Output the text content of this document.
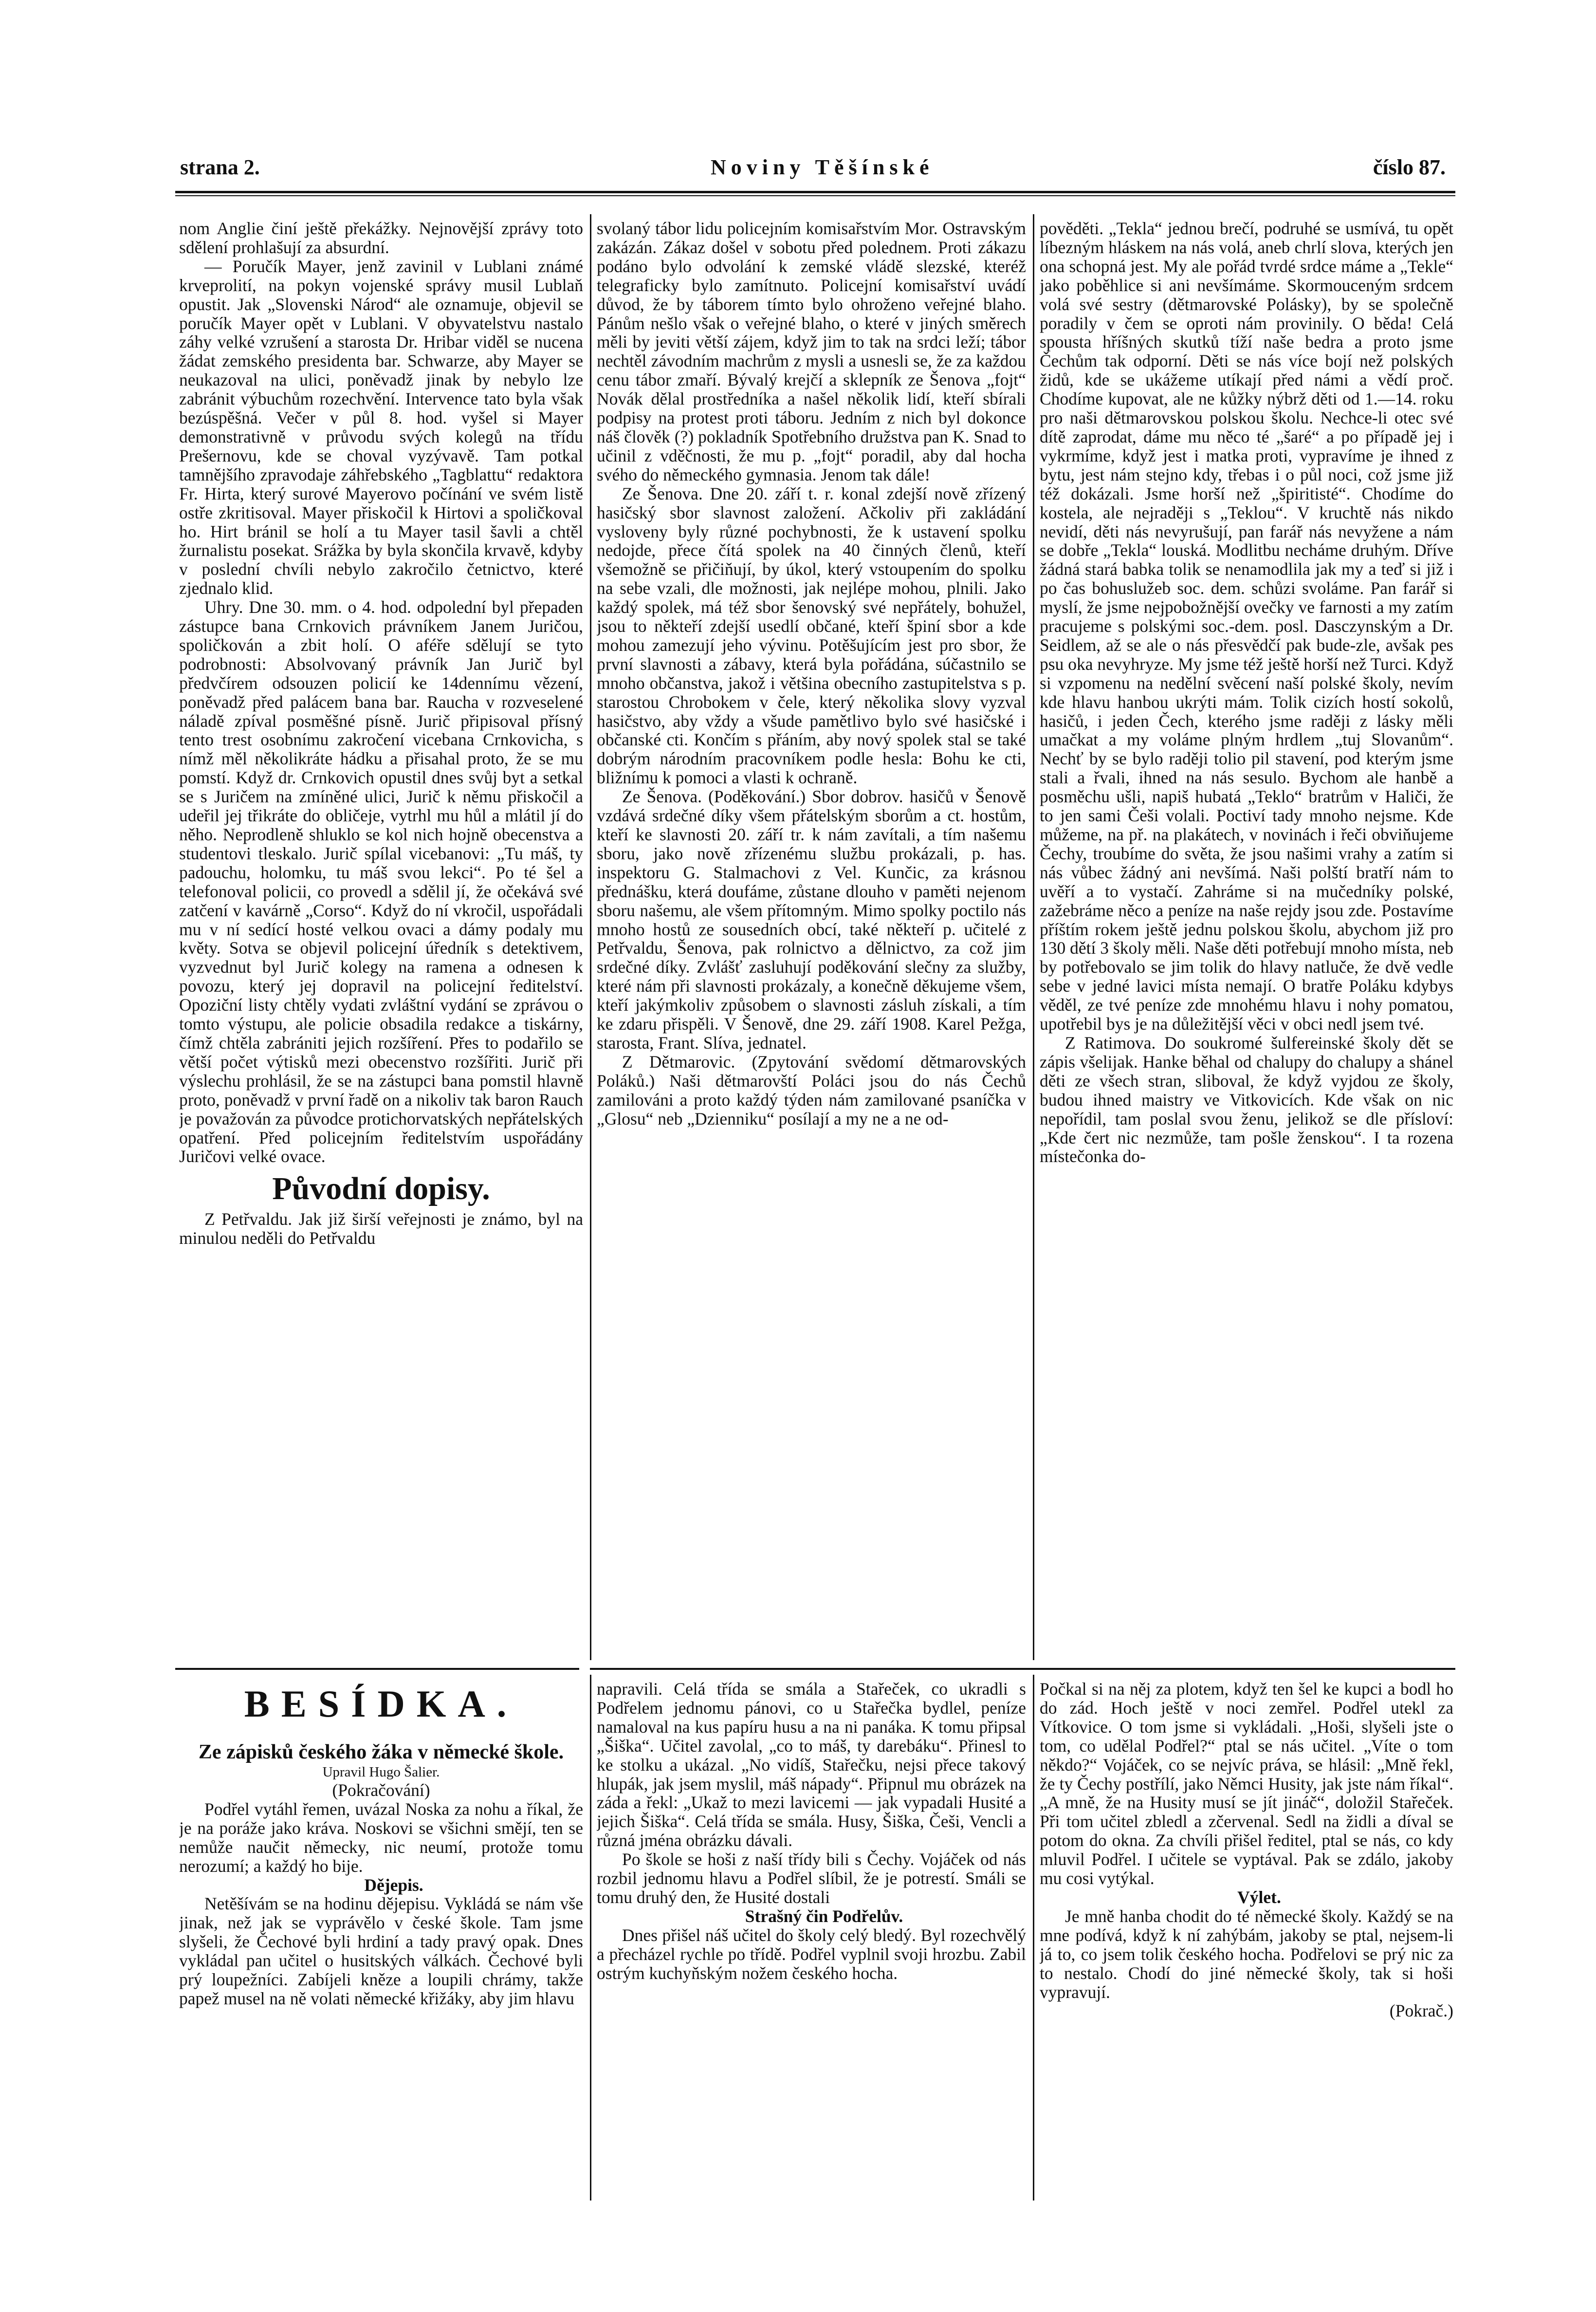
strana 2.	Noviny Těšínské	číslo 87.

nom Anglie činí ještě překážky. Nejnovější zprávy toto sdělení prohlašují za absurdní.

— Poručík Mayer, jenž zavinil v Lublani známé krveprolití, na pokyn vojenské správy musil Lublaň opustit. Jak „Slovenski Národ“ ale oznamuje, objevil se poručík Mayer opět v Lublani. V obyvatelstvu nastalo záhy velké vzrušení a starosta Dr. Hribar viděl se nucena žádat zemského presidenta bar. Schwarze, aby Mayer se neukazoval na ulici, poněvadž jinak by nebylo lze zabránit výbuchům rozechvění. Intervence tato byla však bezúspěšná. Večer v půl 8. hod. vyšel si Mayer demonstrativně v průvodu svých kolegů na třídu Prešernovu, kde se choval vyzývavě. Tam potkal tamnějšího zpravodaje záhřebského „Tagblattu“ redaktora Fr. Hirta, který surové Mayerovo počínání ve svém listě ostře zkritisoval. Mayer přiskočil k Hirtovi a spoličkoval ho. Hirt bránil se holí a tu Mayer tasil šavli a chtěl žurnalistu posekat. Srážka by byla skončila krvavě, kdyby v poslední chvíli nebylo zakročilo četnictvo, které zjednalo klid.

Uhry. Dne 30. mm. o 4. hod. odpolední byl přepaden zástupce bana Crnkovich právníkem Janem Juričou, spoličkován a zbit holí. O aféře sdělují se tyto podrobnosti: Absolvovaný právník Jan Jurič byl předvčírem odsouzen policií ke 14dennímu vězení, poněvadž před palácem bana bar. Raucha v rozveselené náladě zpíval posměšné písně. Jurič připisoval přísný tento trest osobnímu zakročení vicebana Crnkovicha, s nímž měl několikráte hádku a přisahal proto, že se mu pomstí. Když dr. Crnkovich opustil dnes svůj byt a setkal se s Juričem na zmíněné ulici, Jurič k němu přiskočil a udeřil jej třikráte do obličeje, vytrhl mu hůl a mlátil jí do něho. Neprodleně shluklo se kol nich hojně obecenstva a studentovi tleskalo. Jurič spílal vicebanovi: „Tu máš, ty padouchu, holomku, tu máš svou lekci“. Po té šel a telefonoval policii, co provedl a sdělil jí, že očekává své zatčení v kavárně „Corso“. Když do ní vkročil, uspořádali mu v ní sedící hosté velkou ovaci a dámy podaly mu květy. Sotva se objevil policejní úředník s detektivem, vyzvednut byl Jurič kolegy na ramena a odnesen k povozu, který jej dopravil na policejní ředitelství. Opoziční listy chtěly vydati zvláštní vydání se zprávou o tomto výstupu, ale policie obsadila redakce a tiskárny, čímž chtěla zabrániti jejich rozšíření. Přes to podařilo se větší počet výtisků mezi obecenstvo rozšířiti. Jurič při výslechu prohlásil, že se na zástupci bana pomstil hlavně proto, poněvadž v první řadě on a nikoliv tak baron Rauch je považován za původce protichorvatských nepřátelských opatření. Před policejním ředitelstvím uspořádány Juričovi velké ovace.

Původní dopisy.

Z Petřvaldu. Jak již širší veřejnosti je známo, byl na minulou neděli do Petřvaldu

svolaný tábor lidu policejním komisařstvím Mor. Ostravským zakázán. Zákaz došel v sobotu před polednem. Proti zákazu podáno bylo odvolání k zemské vládě slezské, kteréž telegraficky bylo zamítnuto. Policejní komisařství uvádí důvod, že by táborem tímto bylo ohroženo veřejné blaho. Pánům nešlo však o veřejné blaho, o které v jiných směrech měli by jeviti větší zájem, když jim to tak na srdci leží; tábor nechtěl závodním machrům z mysli a usnesli se, že za každou cenu tábor zmaří. Bývalý krejčí a sklepník ze Šenova „fojt“ Novák dělal prostředníka a našel několik lidí, kteří sbírali podpisy na protest proti táboru. Jedním z nich byl dokonce náš člověk (?) pokladník Spotřebního družstva pan K. Snad to učinil z vděčnosti, že mu p. „fojt“ poradil, aby dal hocha svého do německého gymnasia. Jenom tak dále!

Ze Šenova. Dne 20. září t. r. konal zdejší nově zřízený hasičský sbor slavnost založení. Ačkoliv při zakládání vysloveny byly různé pochybnosti, že k ustavení spolku nedojde, přece čítá spolek na 40 činných členů, kteří všemožně se přičiňují, by úkol, který vstoupením do spolku na sebe vzali, dle možnosti, jak nejlépe mohou, plnili. Jako každý spolek, má též sbor šenovský své nepřátely, bohužel, jsou to někteří zdejší usedlí občané, kteří špiní sbor a kde mohou zamezují jeho vývinu. Potěšujícím jest pro sbor, že první slavnosti a zábavy, která byla pořádána, súčastnilo se mnoho občanstva, jakož i většina obecního zastupitelstva s p. starostou Chrobokem v čele, který několika slovy vyzval hasičstvo, aby vždy a všude pamětlivo bylo své hasičské i občanské cti. Končím s přáním, aby nový spolek stal se také dobrým národním pracovníkem podle hesla: Bohu ke cti, bližnímu k pomoci a vlasti k ochraně.

Ze Šenova. (Poděkování.) Sbor dobrov. hasičů v Šenově vzdává srdečné díky všem přátelským sborům a ct. hostům, kteří ke slavnosti 20. září tr. k nám zavítali, a tím našemu sboru, jako nově zřízenému službu prokázali, p. has. inspektoru G. Stalmachovi z Vel. Kunčic, za krásnou přednášku, která doufáme, zůstane dlouho v paměti nejenom sboru našemu, ale všem přítomným. Mimo spolky poctilo nás mnoho hostů ze sousedních obcí, také někteří p. učitelé z Petřvaldu, Šenova, pak rolnictvo a dělnictvo, za což jim srdečné díky. Zvlášť zasluhují poděkování slečny za služby, které nám při slavnosti prokázaly, a konečně děkujeme všem, kteří jakýmkoliv způsobem o slavnosti zásluh získali, a tím ke zdaru přispěli. V Šenově, dne 29. září 1908. Karel Pežga, starosta, Frant. Slíva, jednatel.

Z Dětmarovic. (Zpytování svědomí dětmarovských Poláků.) Naši dětmarovští Poláci jsou do nás Čechů zamilováni a proto každý týden nám zamilované psaníčka v „Glosu“ neb „Dzienniku“ posílají a my ne a ne od-

pověděti. „Tekla“ jednou brečí, podruhé se usmívá, tu opět líbezným hláskem na nás volá, aneb chrlí slova, kterých jen ona schopná jest. My ale pořád tvrdé srdce máme a „Tekle“ jako poběhlice si ani nevšímáme. Skormouceným srdcem volá své sestry (dětmarovské Polásky), by se společně poradily v čem se oproti nám provinily. O běda! Celá spousta hříšných skutků tíží naše bedra a proto jsme Čechům tak odporní. Děti se nás více bojí než polských židů, kde se ukážeme utíkají před námi a vědí proč. Chodíme kupovat, ale ne kůžky nýbrž děti od 1.—14. roku pro naši dětmarovskou polskou školu. Nechce-li otec své dítě zaprodat, dáme mu něco té „šaré“ a po případě jej i vykrmíme, když jest i matka proti, vypravíme je ihned z bytu, jest nám stejno kdy, třebas i o půl noci, což jsme již též dokázali. Jsme horší než „špiritisté“. Chodíme do kostela, ale nejraději s „Teklou“. V kruchtě nás nikdo nevidí, děti nás nevyrušují, pan farář nás nevyžene a nám se dobře „Tekla“ louská. Modlitbu necháme druhým. Dříve žádná stará babka tolik se nenamodlila jak my a teď si již i po čas bohuslužeb soc. dem. schůzi svoláme. Pan farář si myslí, že jsme nejpobožnější ovečky ve farnosti a my zatím pracujeme s polskými soc.-dem. posl. Dasczynským a Dr. Seidlem, až se ale o nás přesvědčí pak bude-zle, avšak pes psu oka nevyhryze. My jsme též ještě horší než Turci. Když si vzpomenu na nedělní svěcení naší polské školy, nevím kde hlavu hanbou ukrýti mám. Tolik cizích hostí sokolů, hasičů, i jeden Čech, kterého jsme raději z lásky měli umačkat a my voláme plným hrdlem „tuj Slovanům“. Nechť by se bylo raději tolio pil stavení, pod kterým jsme stali a řvali, ihned na nás sesulo. Bychom ale hanbě a posměchu ušli, napiš hubatá „Teklo“ bratrům v Haliči, že to jen sami Češi volali. Poctiví tady mnoho nejsme. Kde můžeme, na př. na plakátech, v novinách i řeči obviňujeme Čechy, troubíme do světa, že jsou našimi vrahy a zatím si nás vůbec žádný ani nevšímá. Naši polští bratří nám to uvěří a to vystačí. Zahráme si na mučedníky polské, zažebráme něco a peníze na naše rejdy jsou zde. Postavíme příštím rokem ještě jednu polskou školu, abychom již pro 130 dětí 3 školy měli. Naše děti potřebují mnoho místa, neb by potřebovalo se jim tolik do hlavy natluče, že dvě vedle sebe v jedné lavici místa nemají. O bratře Poláku kdybys věděl, ze tvé peníze zde mnohému hlavu i nohy pomatou, upotřebil bys je na důležitější věci v obci nedl jsem tvé.

Z Ratimova. Do soukromé šulfereinské školy dět se zápis všelijak. Hanke běhal od chalupy do chalupy a shánel děti ze všech stran, sliboval, že když vyjdou ze školy, budou ihned maistry ve Vitkovicích. Kde však on nic nepořídil, tam poslal svou ženu, jelikož se dle přísloví: „Kde čert nic nezmůže, tam pošle ženskou“. I ta rozena místečonka do-

BESÍDKA.
Ze zápisků českého žáka v německé škole.
Upravil Hugo Šalier.

(Pokračování)

Podřel vytáhl řemen, uvázal Noska za nohu a říkal, že je na poráže jako kráva. Noskovi se všichni smějí, ten se nemůže naučit německy, nic neumí, protože tomu nerozumí; a každý ho bije.

Dějepis.

Netěšívám se na hodinu dějepisu. Vykládá se nám vše jinak, než jak se vyprávělo v české škole. Tam jsme slyšeli, že Čechové byli hrdiní a tady pravý opak. Dnes vykládal pan učitel o husitských válkách. Čechové byli prý loupežníci. Zabíjeli kněze a loupili chrámy, takže papež musel na ně volati německé křižáky, aby jim hlavu

napravili. Celá třída se smála a Stařeček, co ukradli s Podřelem jednomu pánovi, co u Stařečka bydlel, peníze namaloval na kus papíru husu a na ni panáka. K tomu připsal „Šiška“. Učitel zavolal, „co to máš, ty darebáku“. Přinesl to ke stolku a ukázal. „No vidíš, Stařečku, nejsi přece takový hlupák, jak jsem myslil, máš nápady“. Připnul mu obrázek na záda a řekl: „Ukaž to mezi lavicemi — jak vypadali Husité a jejich Šiška“. Celá třída se smála. Husy, Šiška, Češi, Vencli a různá jména obrázku dávali.

Po škole se hoši z naší třídy bili s Čechy. Vojáček od nás rozbil jednomu hlavu a Podřel slíbil, že je potrestí. Smáli se tomu druhý den, že Husité dostali

Strašný čin Podřelův.

Dnes přišel náš učitel do školy celý bledý. Byl rozechvělý a přecházel rychle po třídě. Podřel vyplnil svoji hrozbu. Zabil ostrým kuchyňským nožem českého hocha.

Počkal si na něj za plotem, když ten šel ke kupci a bodl ho do zád. Hoch ještě v noci zemřel. Podřel utekl za Vítkovice. O tom jsme si vykládali. „Hoši, slyšeli jste o tom, co udělal Podřel?“ ptal se nás učitel. „Víte o tom někdo?“ Vojáček, co se nejvíc práva, se hlásil: „Mně řekl, že ty Čechy postřílí, jako Němci Husity, jak jste nám říkal“. „A mně, že na Husity musí se jít jináč“, doložil Stařeček. Při tom učitel zbledl a zčervenal. Sedl na židli a díval se potom do okna. Za chvíli přišel ředitel, ptal se nás, co kdy mluvil Podřel. I učitele se vyptával. Pak se zdálo, jakoby mu cosi vytýkal.

Výlet.

Je mně hanba chodit do té německé školy. Každý se na mne podívá, když k ní zahýbám, jakoby se ptal, nejsem-li já to, co jsem tolik českého hocha. Podřelovi se prý nic za to nestalo. Chodí do jiné německé školy, tak si hoši vypravují.

(Pokrač.)
